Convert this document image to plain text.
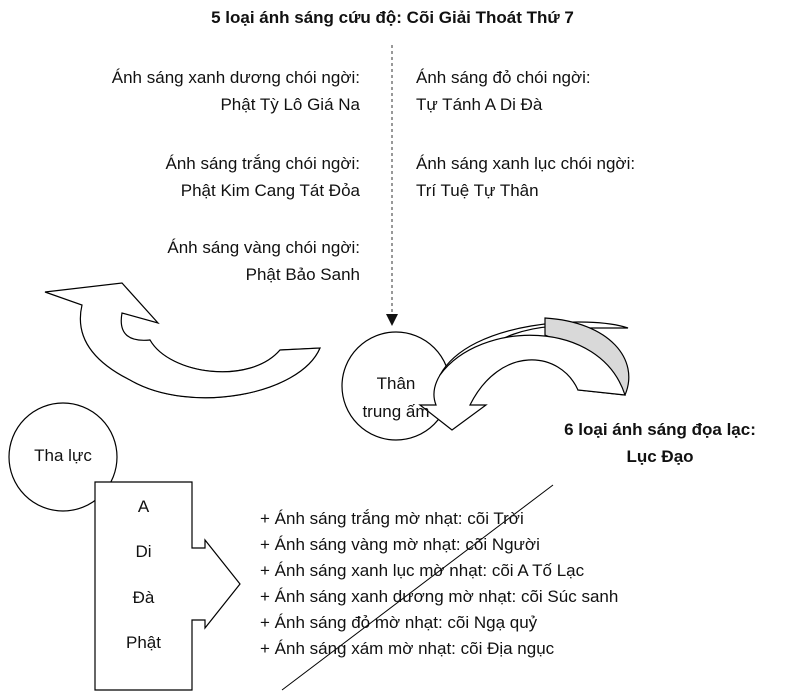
5 loại ánh sáng cứu độ: Cõi Giải Thoát Thứ 7
Ánh sáng xanh dương chói ngời:
Phật Tỳ Lô Giá Na
Ánh sáng trắng chói ngời:
Phật Kim Cang Tát Đỏa
Ánh sáng vàng chói ngời:
Phật Bảo Sanh
Ánh sáng đỏ chói ngời:
Tự Tánh A Di Đà
Ánh sáng xanh lục chói ngời:
Trí Tuệ Tự Thân
Thân
trung ấm
6 loại ánh sáng đọa lạc:
Lục Đạo
Tha lực
A
Di
Đà
Phật
+ Ánh sáng trắng mờ nhạt: cõi Trời
+ Ánh sáng vàng mờ nhạt: cõi Người
+ Ánh sáng xanh lục mờ nhạt: cõi A Tố Lạc
+ Ánh sáng xanh dương mờ nhạt: cõi Súc sanh
+ Ánh sáng đỏ mờ nhạt: cõi Ngạ quỷ
+ Ánh sáng xám mờ nhạt: cõi Địa ngục
